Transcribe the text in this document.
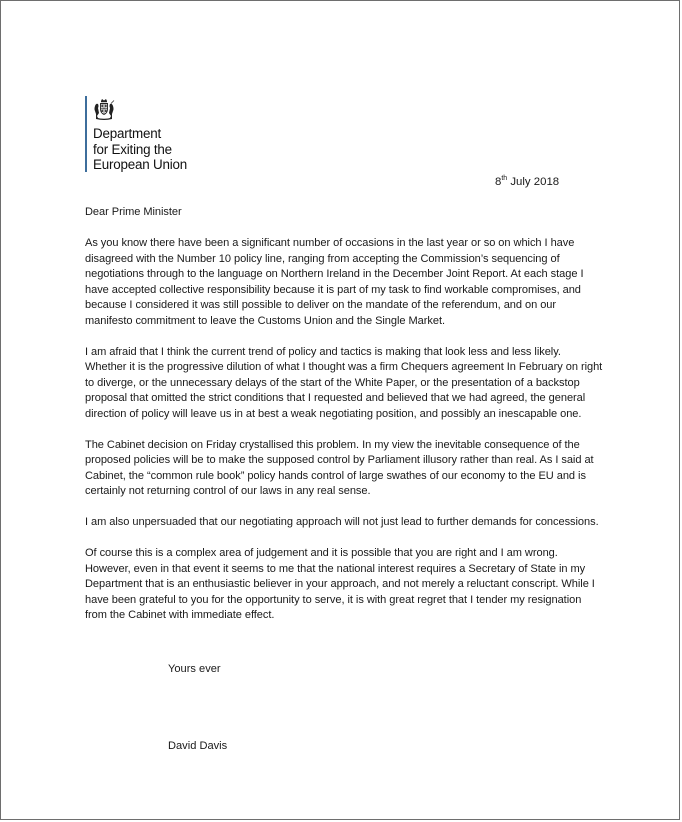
Department
for Exiting the
European Union
8th July 2018

Dear Prime Minister

As you know there have been a significant number of occasions in the last year or so on which I have disagreed with the Number 10 policy line, ranging from accepting the Commission’s sequencing of negotiations through to the language on Northern Ireland in the December Joint Report. At each stage I have accepted collective responsibility because it is part of my task to find workable compromises, and because I considered it was still possible to deliver on the mandate of the referendum, and on our manifesto commitment to leave the Customs Union and the Single Market.

I am afraid that I think the current trend of policy and tactics is making that look less and less likely. Whether it is the progressive dilution of what I thought was a firm Chequers agreement In February on right to diverge, or the unnecessary delays of the start of the White Paper, or the presentation of a backstop proposal that omitted the strict conditions that I requested and believed that we had agreed, the general direction of policy will leave us in at best a weak negotiating position, and possibly an inescapable one.

The Cabinet decision on Friday crystallised this problem. In my view the inevitable consequence of the proposed policies will be to make the supposed control by Parliament illusory rather than real. As I said at Cabinet, the “common rule book” policy hands control of large swathes of our economy to the EU and is certainly not returning control of our laws in any real sense.

I am also unpersuaded that our negotiating approach will not just lead to further demands for concessions.

Of course this is a complex area of judgement and it is possible that you are right and I am wrong. However, even in that event it seems to me that the national interest requires a Secretary of State in my Department that is an enthusiastic believer in your approach, and not merely a reluctant conscript. While I have been grateful to you for the opportunity to serve, it is with great regret that I tender my resignation from the Cabinet with immediate effect.

Yours ever
David Davis
